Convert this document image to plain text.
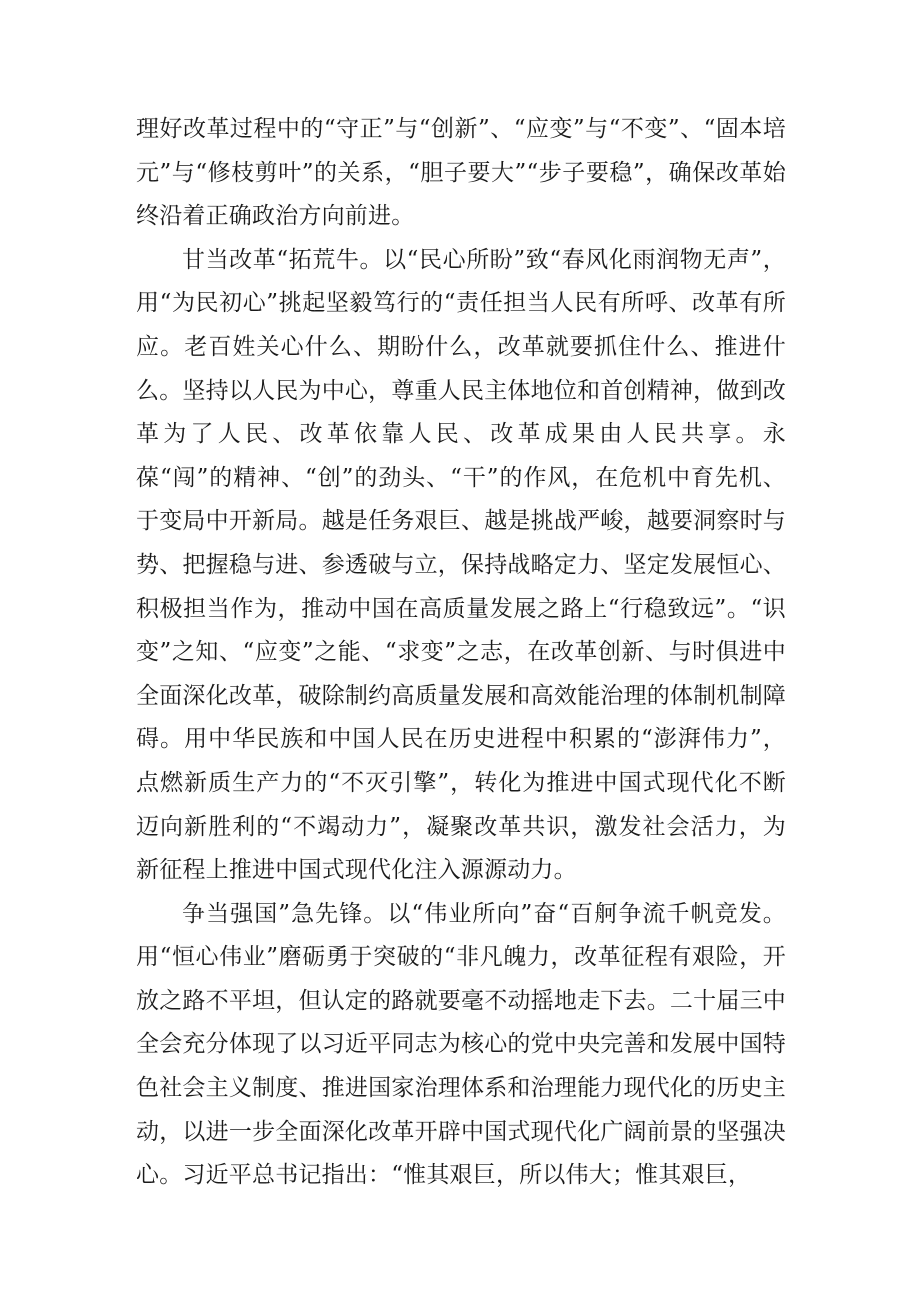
理好改革过程中的“守正”与“创新”、“应变”与“不变”、“固本培元”与“修枝剪叶”的关系，“胆子要大”“步子要稳”，确保改革始终沿着正确政治方向前进。

甘当改革“拓荒牛。以“民心所盼”致“春风化雨润物无声”，用“为民初心”挑起坚毅笃行的“责任担当人民有所呼、改革有所应。老百姓关心什么、期盼什么，改革就要抓住什么、推进什么。坚持以人民为中心，尊重人民主体地位和首创精神，做到改革为了人民、改革依靠人民、改革成果由人民共享。永葆“闯”的精神、“创”的劲头、“干”的作风，在危机中育先机、于变局中开新局。越是任务艰巨、越是挑战严峻，越要洞察时与势、把握稳与进、参透破与立，保持战略定力、坚定发展恒心、积极担当作为，推动中国在高质量发展之路上“行稳致远”。“识变”之知、“应变”之能、“求变”之志，在改革创新、与时俱进中全面深化改革，破除制约高质量发展和高效能治理的体制机制障碍。用中华民族和中国人民在历史进程中积累的“澎湃伟力”，点燃新质生产力的“不灭引擎”，转化为推进中国式现代化不断迈向新胜利的“不竭动力”，凝聚改革共识，激发社会活力，为新征程上推进中国式现代化注入源源动力。

争当强国”急先锋。以“伟业所向”奋“百舸争流千帆竞发。用“恒心伟业”磨砺勇于突破的“非凡魄力，改革征程有艰险，开放之路不平坦，但认定的路就要毫不动摇地走下去。二十届三中全会充分体现了以习近平同志为核心的党中央完善和发展中国特色社会主义制度、推进国家治理体系和治理能力现代化的历史主动，以进一步全面深化改革开辟中国式现代化广阔前景的坚强决心。习近平总书记指出：“惟其艰巨，所以伟大；惟其艰巨，
